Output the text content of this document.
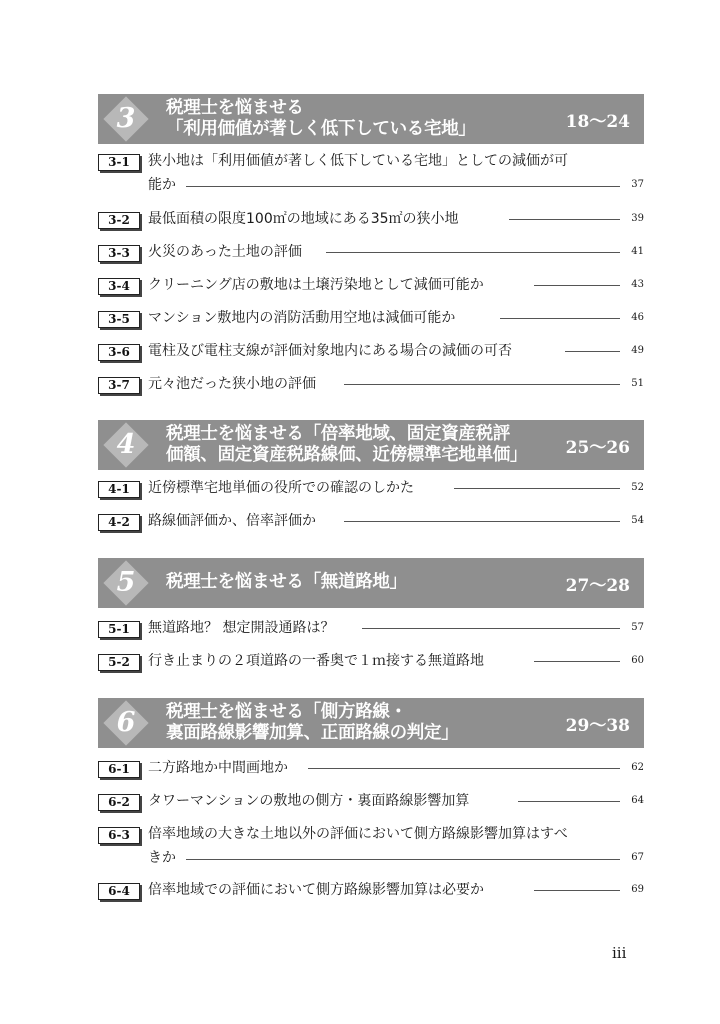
3	税理士を悩ませる
「利用価値が著しく低下している宅地」	18〜24
3-1	狭小地は「利用価値が著しく低下している宅地」としての減価が可
能か	37
3-2	最低面積の限度100㎡の地域にある35㎡の狭小地	39
3-3	火災のあった土地の評価	41
3-4	クリーニング店の敷地は土壌汚染地として減価可能か	43
3-5	マンション敷地内の消防活動用空地は減価可能か	46
3-6	電柱及び電柱支線が評価対象地内にある場合の減価の可否	49
3-7	元々池だった狭小地の評価	51
4	税理士を悩ませる「倍率地域、固定資産税評
価額、固定資産税路線価、近傍標準宅地単価」	25〜26
4-1	近傍標準宅地単価の役所での確認のしかた	52
4-2	路線価評価か、倍率評価か	54
5	税理士を悩ませる「無道路地」	27〜28
5-1	無道路地？ 想定開設通路は？	57
5-2	行き止まりの２項道路の一番奥で１ｍ接する無道路地	60
6	税理士を悩ませる「側方路線・
裏面路線影響加算、正面路線の判定」	29〜38
6-1	二方路地か中間画地か	62
6-2	タワーマンションの敷地の側方・裏面路線影響加算	64
6-3	倍率地域の大きな土地以外の評価において側方路線影響加算はすべ
きか	67
6-4	倍率地域での評価において側方路線影響加算は必要か	69
iii
